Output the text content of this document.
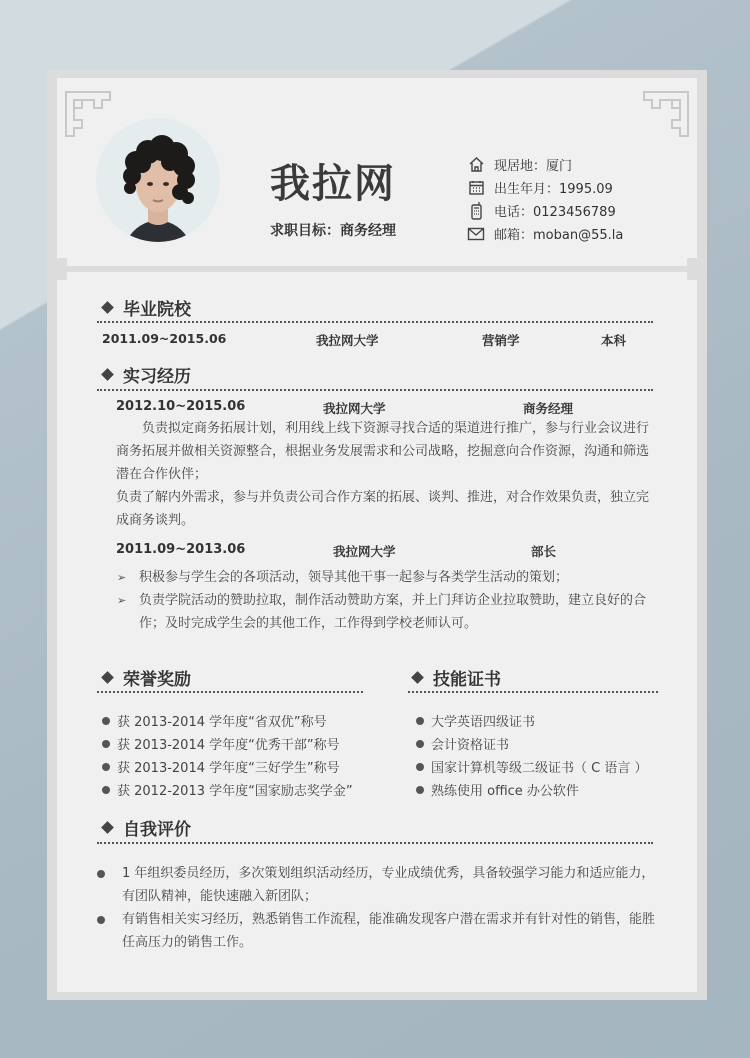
我拉网
求职目标：商务经理
现居地：厦门
出生年月：1995.09
电话：0123456789
邮箱：moban@55.la
毕业院校
2011.09~2015.06	我拉网大学	营销学	本科
实习经历
2012.10~2015.06	我拉网大学	商务经理
负责拟定商务拓展计划，利用线上线下资源寻找合适的渠道进行推广，参与行业会议进行商务拓展并做相关资源整合，根据业务发展需求和公司战略，挖掘意向合作资源，沟通和筛选潜在合作伙伴；
负责了解内外需求，参与并负责公司合作方案的拓展、谈判、推进，对合作效果负责，独立完成商务谈判。
2011.09~2013.06	我拉网大学	部长
➢ 积极参与学生会的各项活动，领导其他干事一起参与各类学生活动的策划；
➢ 负责学院活动的赞助拉取，制作活动赞助方案，并上门拜访企业拉取赞助，建立良好的合作；及时完成学生会的其他工作，工作得到学校老师认可。
荣誉奖励
获 2013-2014 学年度“省双优”称号
获 2013-2014 学年度“优秀干部”称号
获 2013-2014 学年度“三好学生”称号
获 2012-2013 学年度“国家励志奖学金”
技能证书
大学英语四级证书
会计资格证书
国家计算机等级二级证书（ C 语言 ）
熟练使用 office 办公软件
自我评价
1 年组织委员经历，多次策划组织活动经历，专业成绩优秀，具备较强学习能力和适应能力，有团队精神，能快速融入新团队；
有销售相关实习经历，熟悉销售工作流程，能准确发现客户潜在需求并有针对性的销售，能胜任高压力的销售工作。
